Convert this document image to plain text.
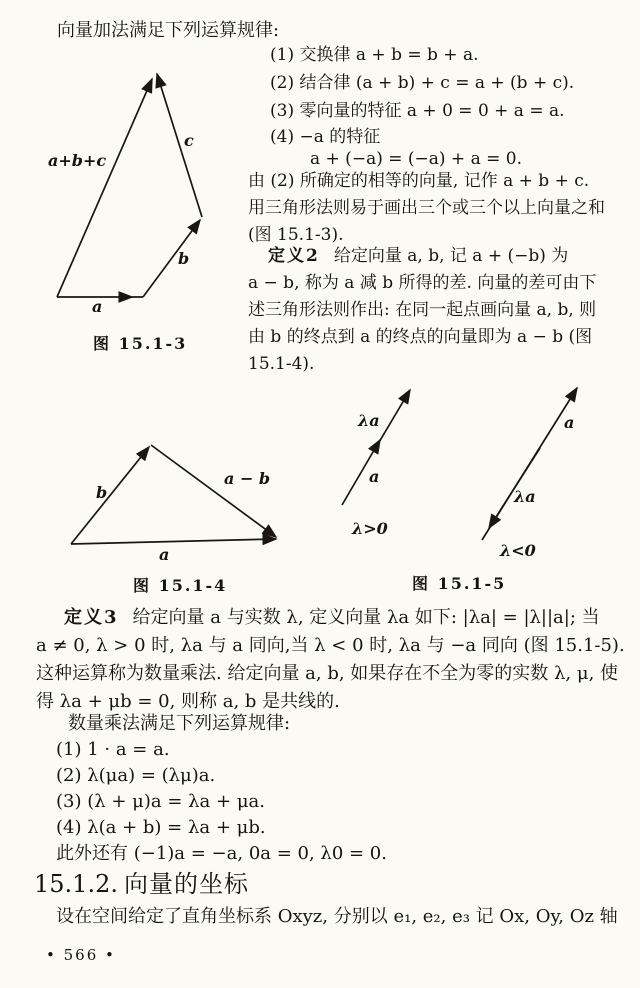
向量加法满足下列运算规律:
(1) 交换律 a + b = b + a.
(2) 结合律 (a + b) + c = a + (b + c).
(3) 零向量的特征 a + 0 = 0 + a = a.
(4) −a 的特征
a + (−a) = (−a) + a = 0.
由 (2) 所确定的相等的向量, 记作 a + b + c.
用三角形法则易于画出三个或三个以上向量之和
(图 15.1-3).
定义2 给定向量 a, b, 记 a + (−b) 为
a − b, 称为 a 减 b 所得的差. 向量的差可由下
述三角形法则作出: 在同一起点画向量 a, b, 则
由 b 的终点到 a 的终点的向量即为 a − b (图
15.1-4).
a+b+c
c
b
a
图 15.1-3
b
a − b
a
图 15.1-4
λa
a
λ>0
a
λa
λ<0
图 15.1-5
定义3 给定向量 a 与实数 λ, 定义向量 λa 如下: |λa| = |λ||a|; 当
a ≠ 0, λ > 0 时, λa 与 a 同向,当 λ < 0 时, λa 与 −a 同向 (图 15.1-5).
这种运算称为数量乘法. 给定向量 a, b, 如果存在不全为零的实数 λ, μ, 使
得 λa + μb = 0, 则称 a, b 是共线的.
数量乘法满足下列运算规律:
(1) 1 · a = a.
(2) λ(μa) = (λμ)a.
(3) (λ + μ)a = λa + μa.
(4) λ(a + b) = λa + μb.
此外还有 (−1)a = −a, 0a = 0, λ0 = 0.
15.1.2. 向量的坐标
设在空间给定了直角坐标系 Oxyz, 分别以 e₁, e₂, e₃ 记 Ox, Oy, Oz 轴
• 566 •
